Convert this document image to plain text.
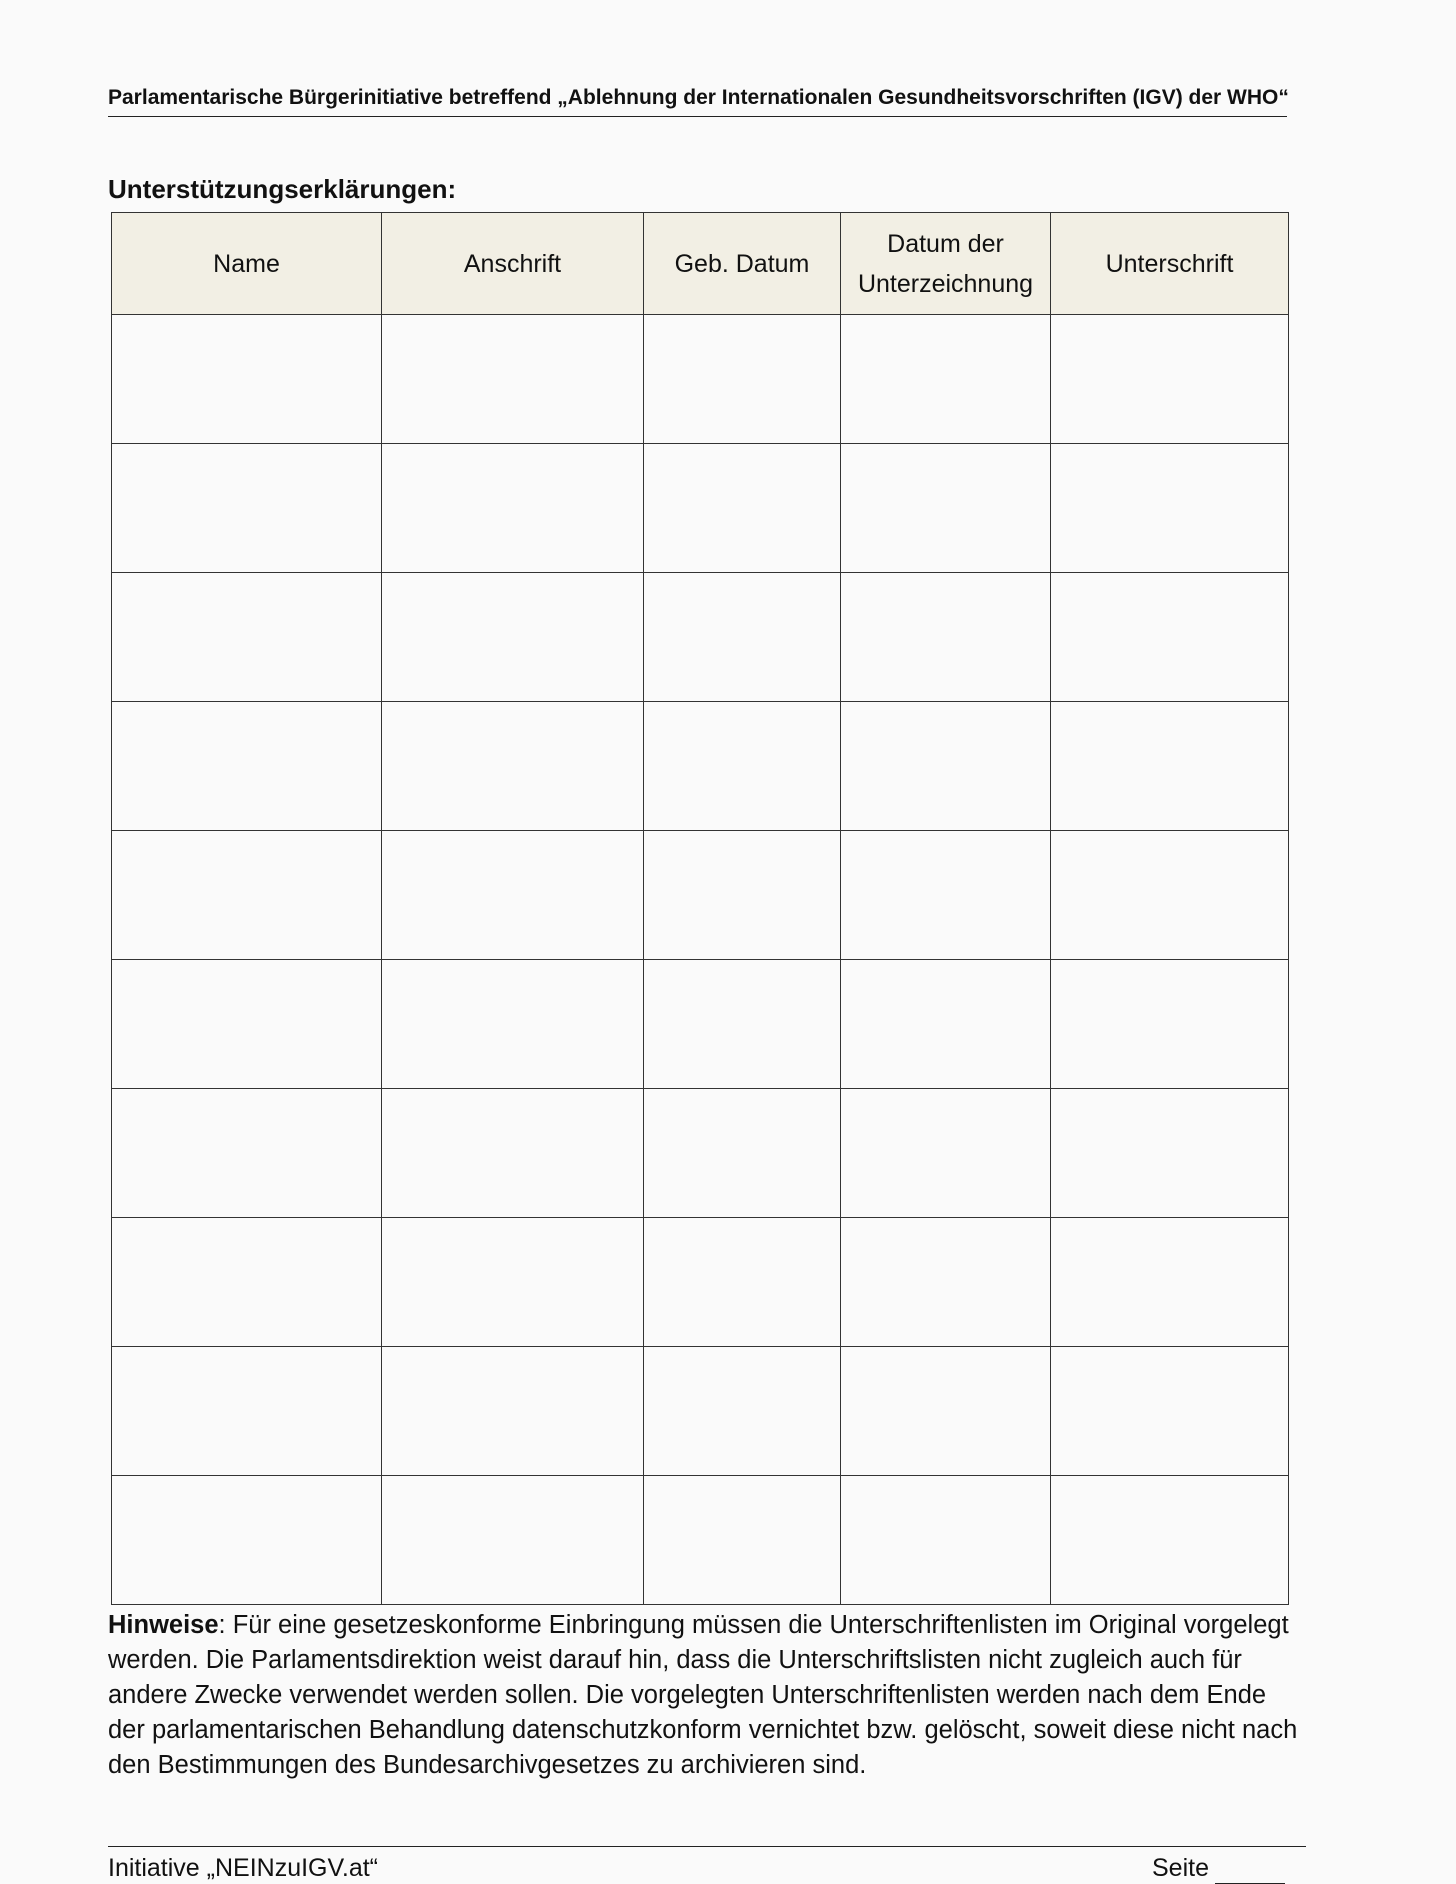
Parlamentarische Bürgerinitiative betreffend „Ablehnung der Internationalen Gesundheitsvorschriften (IGV) der WHO“
Unterstützungserklärungen:
Name	Anschrift	Geb. Datum	Datum der Unterzeichnung	Unterschrift

Hinweise: Für eine gesetzeskonforme Einbringung müssen die Unterschriftenlisten im Original vorgelegt werden. Die Parlamentsdirektion weist darauf hin, dass die Unterschriftslisten nicht zugleich auch für andere Zwecke verwendet werden sollen. Die vorgelegten Unterschriftenlisten werden nach dem Ende der parlamentarischen Behandlung datenschutzkonform vernichtet bzw. gelöscht, soweit diese nicht nach den Bestimmungen des Bundesarchivgesetzes zu archivieren sind.
Initiative „NEINzuIGV.at“	Seite
